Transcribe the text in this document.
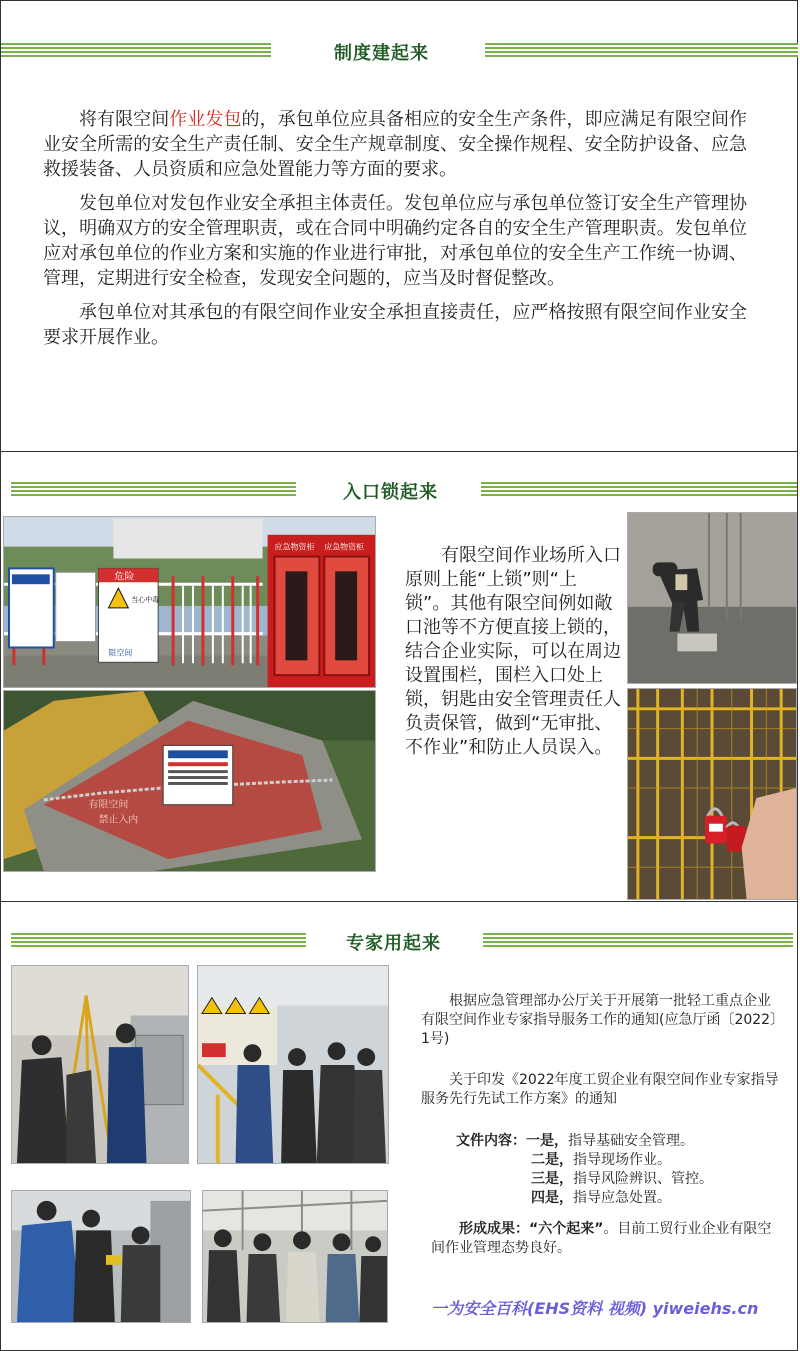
制度建起来

将有限空间作业发包的，承包单位应具备相应的安全生产条件，即应满足有限空间作业安全所需的安全生产责任制、安全生产规章制度、安全操作规程、安全防护设备、应急救援装备、人员资质和应急处置能力等方面的要求。

发包单位对发包作业安全承担主体责任。发包单位应与承包单位签订安全生产管理协议，明确双方的安全管理职责，或在合同中明确约定各自的安全生产管理职责。发包单位应对承包单位的作业方案和实施的作业进行审批，对承包单位的安全生产工作统一协调、管理，定期进行安全检查，发现安全问题的，应当及时督促整改。

承包单位对其承包的有限空间作业安全承担直接责任，应严格按照有限空间作业安全要求开展作业。

入口锁起来
危险
当心中毒
限空间
应急物资柜 应急物资柜
有限空间
禁止入内

有限空间作业场所入口原则上能“上锁”则“上锁”。其他有限空间例如敞口池等不方便直接上锁的，结合企业实际，可以在周边设置围栏，围栏入口处上锁，钥匙由安全管理责任人负责保管，做到“无审批、不作业”和防止人员误入。

专家用起来

根据应急管理部办公厅关于开展第一批轻工重点企业有限空间作业专家指导服务工作的通知(应急厅函〔2022〕1号)

关于印发《2022年度工贸企业有限空间作业专家指导服务先行先试工作方案》的通知

文件内容：一是，指导基础安全管理。

二是，指导现场作业。

三是，指导风险辨识、管控。

四是，指导应急处置。

形成成果：“六个起来”。目前工贸行业企业有限空间作业管理态势良好。

一为安全百科(EHS资料 视频) yiweiehs.cn
